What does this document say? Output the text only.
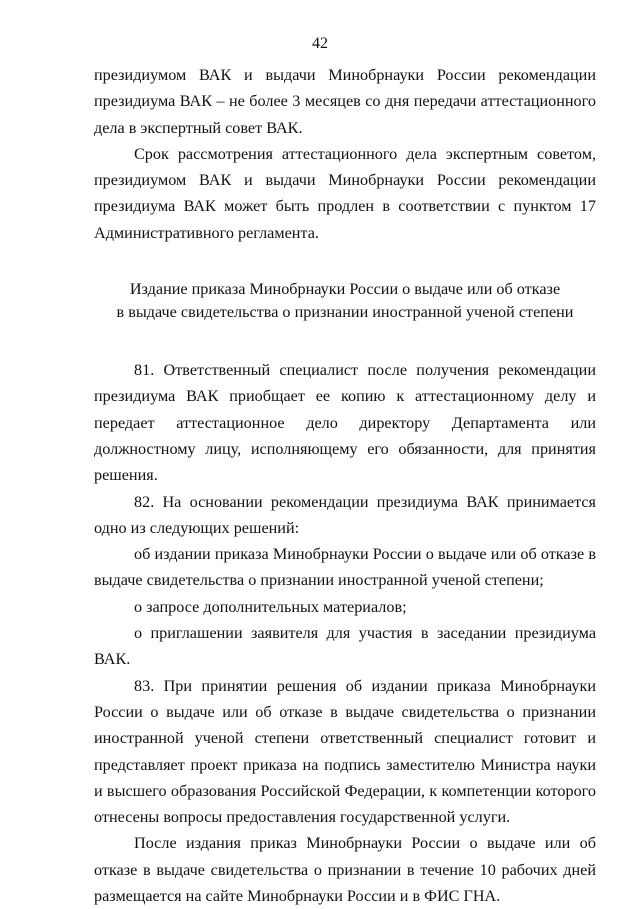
42

президиумом ВАК и выдачи Минобрнауки России рекомендации президиума ВАК – не более 3 месяцев со дня передачи аттестационного дела в экспертный совет ВАК.

Срок рассмотрения аттестационного дела экспертным советом, президиумом ВАК и выдачи Минобрнауки России рекомендации президиума ВАК может быть продлен в соответствии с пунктом 17 Административного регламента.

Издание приказа Минобрнауки России о выдаче или об отказе
в выдаче свидетельства о признании иностранной ученой степени

81. Ответственный специалист после получения рекомендации президиума ВАК приобщает ее копию к аттестационному делу и передает аттестационное дело директору Департамента или должностному лицу, исполняющему его обязанности, для принятия решения.

82. На основании рекомендации президиума ВАК принимается одно из следующих решений:

об издании приказа Минобрнауки России о выдаче или об отказе в выдаче свидетельства о признании иностранной ученой степени;

о запросе дополнительных материалов;

о приглашении заявителя для участия в заседании президиума ВАК.

83. При принятии решения об издании приказа Минобрнауки России о выдаче или об отказе в выдаче свидетельства о признании иностранной ученой степени ответственный специалист готовит и представляет проект приказа на подпись заместителю Министра науки и высшего образования Российской Федерации, к компетенции которого отнесены вопросы предоставления государственной услуги.

После издания приказ Минобрнауки России о выдаче или об отказе в выдаче свидетельства о признании в течение 10 рабочих дней размещается на сайте Минобрнауки России и в ФИС ГНА.
